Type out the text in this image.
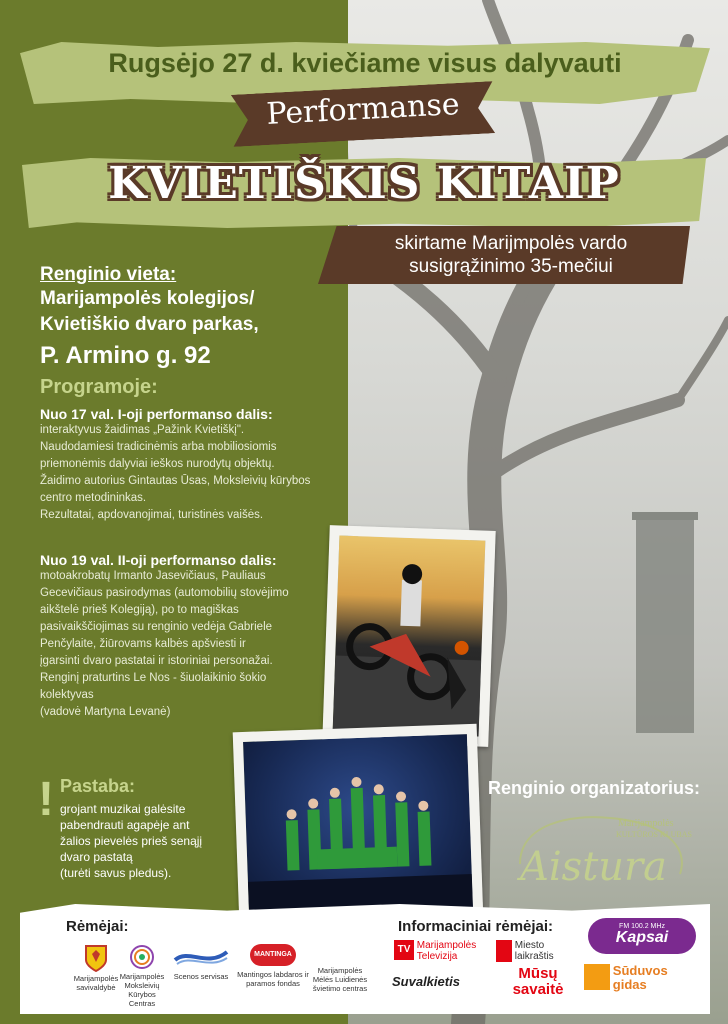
Rugsėjo 27 d. kviečiame visus dalyvauti
Performanse
KVIETIŠKIS KITAIP
skirtame Marijmpolės vardo
susigrąžinimo 35-mečiui
Renginio vieta:
Marijampolės kolegijos/
Kvietiškio dvaro parkas,
P. Armino g. 92
Programoje:
Nuo 17 val. I-oji performanso dalis:
interaktyvus žaidimas „Pažink Kvietiškį".
Naudodamiesi tradicinėmis arba mobiliosiomis
priemonėmis dalyviai ieškos nurodytų objektų.
Žaidimo autorius Gintautas Ūsas, Moksleivių kūrybos
centro metodininkas.
Rezultatai, apdovanojimai, turistinės vaišės.
Nuo 19 val. II-oji performanso dalis:
motoakrobatų Irmanto Jasevičiaus, Pauliaus
Gecevičiaus pasirodymas (automobilių stovėjimo
aikštelė prieš Kolegiją), po to magiškas
pasivaikščiojimas su renginio vedėja Gabriele
Penčylaite, žiūrovams kalbės apšviesti ir
įgarsinti dvaro pastatai ir istoriniai personažai.
Renginį praturtins Le Nos - šiuolaikinio šokio
kolektyvas
(vadovė Martyna Levanė)
! Pastaba:
grojant muzikai galėsite
pabendrauti agapėje ant
žalios pievelės prieš senąjį
dvaro pastatą
(turėti savus pledus).
Renginio organizatorius:
Marijampolės
KULTŪROS KLUBAS
Aistura
Rėmėjai:
Marijampolės savivaldybė
Marijampolės Moksleivių Kūrybos Centras
Scenos servisas
MANTINGA
Mantingos labdaros ir paramos fondas
Marijampolės Mėlės Luidienės švietimo centras
Informaciniai rėmėjai:
TV Marijampolės Televizija
Miesto laikraštis
FM 100.2 MHz
Kapsai
Suvalkietis	Mūsų savaitė
Sūduvos gidas
